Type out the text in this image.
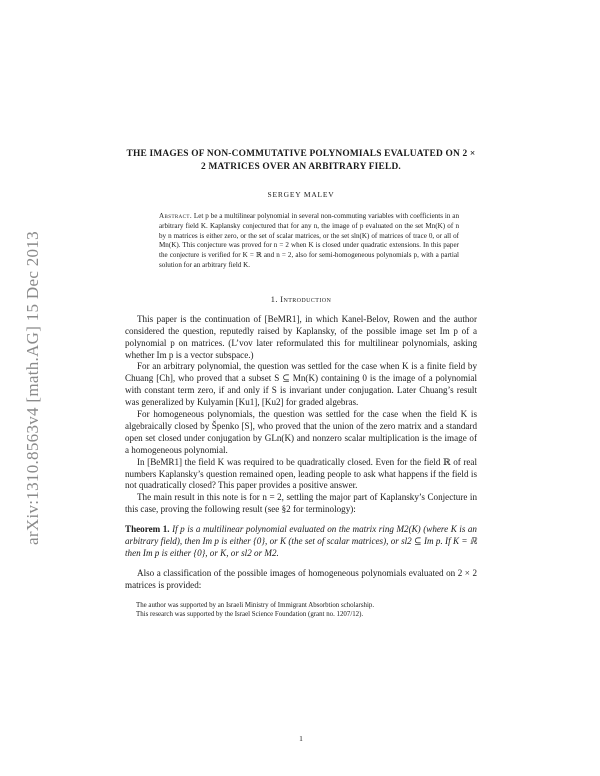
arXiv:1310.8563v4 [math.AG] 15 Dec 2013
THE IMAGES OF NON-COMMUTATIVE POLYNOMIALS EVALUATED ON 2 × 2 MATRICES OVER AN ARBITRARY FIELD.
SERGEY MALEV
Abstract. Let p be a multilinear polynomial in several non-commuting variables with coefficients in an arbitrary field K. Kaplansky conjectured that for any n, the image of p evaluated on the set Mn(K) of n by n matrices is either zero, or the set of scalar matrices, or the set sln(K) of matrices of trace 0, or all of Mn(K). This conjecture was proved for n = 2 when K is closed under quadratic extensions. In this paper the conjecture is verified for K = ℝ and n = 2, also for semi-homogeneous polynomials p, with a partial solution for an arbitrary field K.
1. Introduction

This paper is the continuation of [BeMR1], in which Kanel-Belov, Rowen and the author considered the question, reputedly raised by Kaplansky, of the possible image set Im p of a polynomial p on matrices. (L’vov later reformulated this for multilinear polynomials, asking whether Im p is a vector subspace.)

For an arbitrary polynomial, the question was settled for the case when K is a finite field by Chuang [Ch], who proved that a subset S ⊆ Mn(K) containing 0 is the image of a polynomial with constant term zero, if and only if S is invariant under conjugation. Later Chuang’s result was generalized by Kulyamin [Ku1], [Ku2] for graded algebras.

For homogeneous polynomials, the question was settled for the case when the field K is algebraically closed by Špenko [S], who proved that the union of the zero matrix and a standard open set closed under conjugation by GLn(K) and nonzero scalar multiplication is the image of a homogeneous polynomial.

In [BeMR1] the field K was required to be quadratically closed. Even for the field ℝ of real numbers Kaplansky’s question remained open, leading people to ask what happens if the field is not quadratically closed? This paper provides a positive answer.

The main result in this note is for n = 2, settling the major part of Kaplansky’s Conjecture in this case, proving the following result (see §2 for terminology):

Theorem 1. If p is a multilinear polynomial evaluated on the matrix ring M2(K) (where K is an arbitrary field), then Im p is either {0}, or K (the set of scalar matrices), or sl2 ⊆ Im p. If K = ℝ then Im p is either {0}, or K, or sl2 or M2.

Also a classification of the possible images of homogeneous polynomials evaluated on 2 × 2 matrices is provided:

The author was supported by an Israeli Ministry of Immigrant Absorbtion scholarship.
This research was supported by the Israel Science Foundation (grant no. 1207/12).
1
